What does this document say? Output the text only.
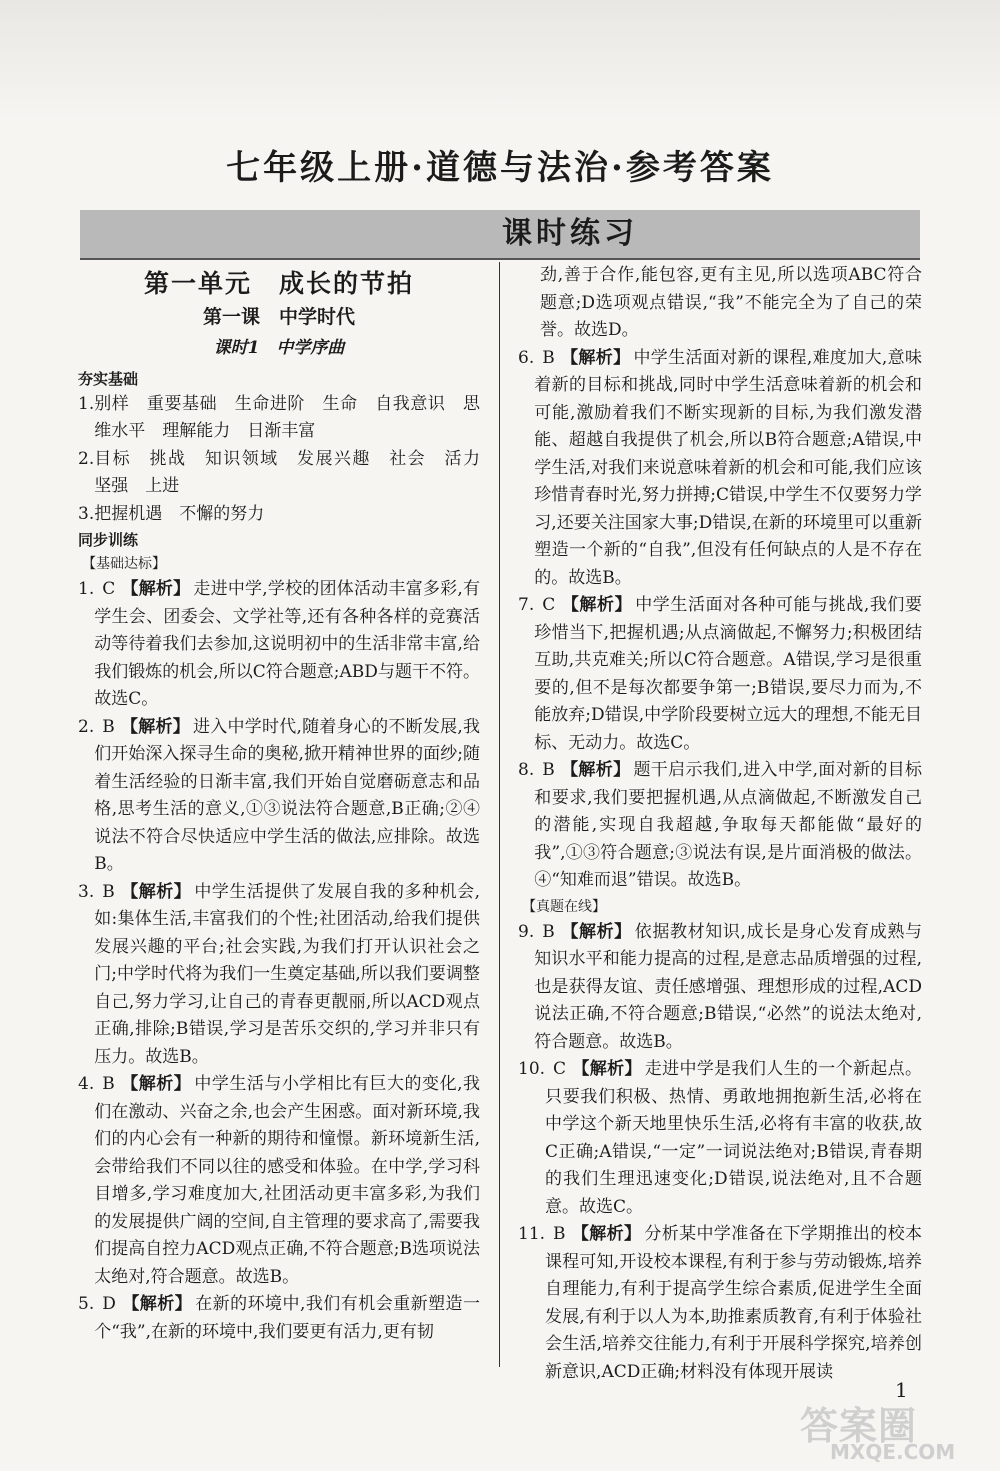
七年级上册·道德与法治·参考答案
课时练习
第一单元　成长的节拍
第一课　中学时代
课时1　中学序曲
夯实基础
1. 别样　重要基础　生命进阶　生命　自我意识　思维水平　理解能力　日渐丰富
2. 目标　挑战　知识领域　发展兴趣　社会　活力　坚强　上进
3. 把握机遇　不懈的努力
同步训练
【基础达标】
1. C 【解析】 走进中学,学校的团体活动丰富多彩,有学生会、团委会、文学社等,还有各种各样的竞赛活动等待着我们去参加,这说明初中的生活非常丰富,给我们锻炼的机会,所以C符合题意;ABD与题干不符。故选C。
2. B 【解析】 进入中学时代,随着身心的不断发展,我们开始深入探寻生命的奥秘,掀开精神世界的面纱;随着生活经验的日渐丰富,我们开始自觉磨砺意志和品格,思考生活的意义,①③说法符合题意,B正确;②④说法不符合尽快适应中学生活的做法,应排除。故选B。
3. B 【解析】 中学生活提供了发展自我的多种机会,如:集体生活,丰富我们的个性;社团活动,给我们提供发展兴趣的平台;社会实践,为我们打开认识社会之门;中学时代将为我们一生奠定基础,所以我们要调整自己,努力学习,让自己的青春更靓丽,所以ACD观点正确,排除;B错误,学习是苦乐交织的,学习并非只有压力。故选B。
4. B 【解析】 中学生活与小学相比有巨大的变化,我们在激动、兴奋之余,也会产生困惑。面对新环境,我们的内心会有一种新的期待和憧憬。新环境新生活,会带给我们不同以往的感受和体验。在中学,学习科目增多,学习难度加大,社团活动更丰富多彩,为我们的发展提供广阔的空间,自主管理的要求高了,需要我们提高自控力ACD观点正确,不符合题意;B选项说法太绝对,符合题意。故选B。
5. D 【解析】 在新的环境中,我们有机会重新塑造一个“我”,在新的环境中,我们要更有活力,更有韧
劲,善于合作,能包容,更有主见,所以选项ABC符合题意;D选项观点错误,“我”不能完全为了自己的荣誉。故选D。
6. B 【解析】 中学生活面对新的课程,难度加大,意味着新的目标和挑战,同时中学生活意味着新的机会和可能,激励着我们不断实现新的目标,为我们激发潜能、超越自我提供了机会,所以B符合题意;A错误,中学生活,对我们来说意味着新的机会和可能,我们应该珍惜青春时光,努力拼搏;C错误,中学生不仅要努力学习,还要关注国家大事;D错误,在新的环境里可以重新塑造一个新的“自我”,但没有任何缺点的人是不存在的。故选B。
7. C 【解析】 中学生活面对各种可能与挑战,我们要珍惜当下,把握机遇;从点滴做起,不懈努力;积极团结互助,共克难关;所以C符合题意。A错误,学习是很重要的,但不是每次都要争第一;B错误,要尽力而为,不能放弃;D错误,中学阶段要树立远大的理想,不能无目标、无动力。故选C。
8. B 【解析】 题干启示我们,进入中学,面对新的目标和要求,我们要把握机遇,从点滴做起,不断激发自己的潜能,实现自我超越,争取每天都能做“最好的我”,①③符合题意;③说法有误,是片面消极的做法。④“知难而退”错误。故选B。
【真题在线】
9. B 【解析】 依据教材知识,成长是身心发育成熟与知识水平和能力提高的过程,是意志品质增强的过程,也是获得友谊、责任感增强、理想形成的过程,ACD说法正确,不符合题意;B错误,“必然”的说法太绝对,符合题意。故选B。
10. C 【解析】 走进中学是我们人生的一个新起点。只要我们积极、热情、勇敢地拥抱新生活,必将在中学这个新天地里快乐生活,必将有丰富的收获,故C正确;A错误,“一定”一词说法绝对;B错误,青春期的我们生理迅速变化;D错误,说法绝对,且不合题意。故选C。
11. B 【解析】 分析某中学准备在下学期推出的校本课程可知,开设校本课程,有利于参与劳动锻炼,培养自理能力,有利于提高学生综合素质,促进学生全面发展,有利于以人为本,助推素质教育,有利于体验社会生活,培养交往能力,有利于开展科学探究,培养创新意识,ACD正确;材料没有体现开展读
1
答案圈
MXQE.COM
